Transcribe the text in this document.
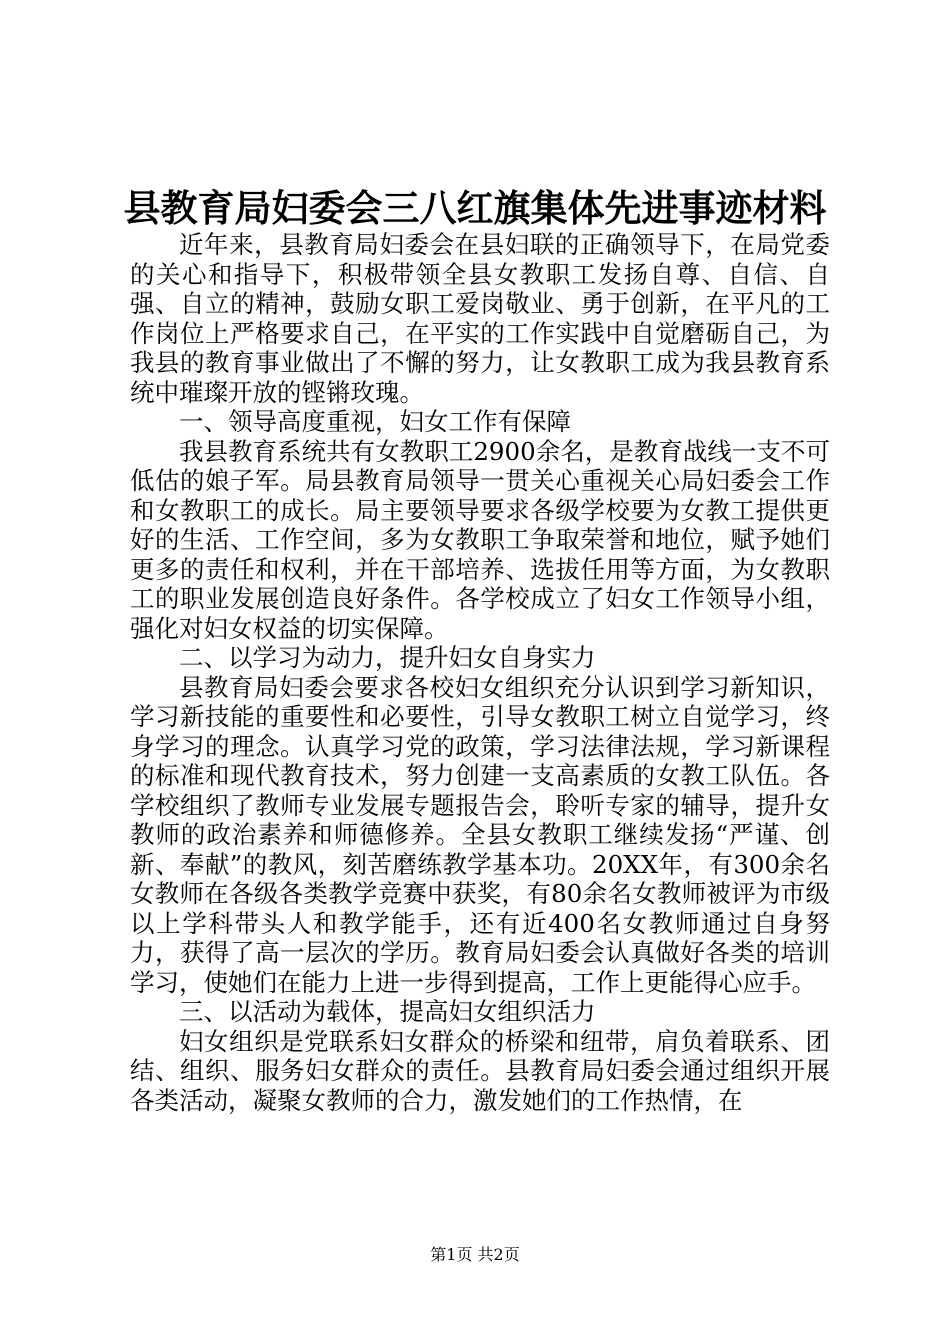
县教育局妇委会三八红旗集体先进事迹材料

近年来，县教育局妇委会在县妇联的正确领导下，在局党委的关心和指导下，积极带领全县女教职工发扬自尊、自信、自强、自立的精神，鼓励女职工爱岗敬业、勇于创新，在平凡的工作岗位上严格要求自己，在平实的工作实践中自觉磨砺自己，为我县的教育事业做出了不懈的努力，让女教职工成为我县教育系统中璀璨开放的铿锵玫瑰。

一、领导高度重视，妇女工作有保障

我县教育系统共有女教职工2900余名，是教育战线一支不可低估的娘子军。局县教育局领导一贯关心重视关心局妇委会工作和女教职工的成长。局主要领导要求各级学校要为女教工提供更好的生活、工作空间，多为女教职工争取荣誉和地位，赋予她们更多的责任和权利，并在干部培养、选拔任用等方面，为女教职工的职业发展创造良好条件。各学校成立了妇女工作领导小组，强化对妇女权益的切实保障。

二、以学习为动力，提升妇女自身实力

县教育局妇委会要求各校妇女组织充分认识到学习新知识，学习新技能的重要性和必要性，引导女教职工树立自觉学习，终身学习的理念。认真学习党的政策，学习法律法规，学习新课程的标准和现代教育技术，努力创建一支高素质的女教工队伍。各学校组织了教师专业发展专题报告会，聆听专家的辅导，提升女教师的政治素养和师德修养。全县女教职工继续发扬“严谨、创新、奉献”的教风，刻苦磨练教学基本功。20XX年，有300余名女教师在各级各类教学竞赛中获奖，有80余名女教师被评为市级以上学科带头人和教学能手，还有近400名女教师通过自身努力，获得了高一层次的学历。教育局妇委会认真做好各类的培训学习，使她们在能力上进一步得到提高，工作上更能得心应手。

三、以活动为载体，提高妇女组织活力

妇女组织是党联系妇女群众的桥梁和纽带，肩负着联系、团结、组织、服务妇女群众的责任。县教育局妇委会通过组织开展各类活动，凝聚女教师的合力，激发她们的工作热情，在

第1页 共2页
